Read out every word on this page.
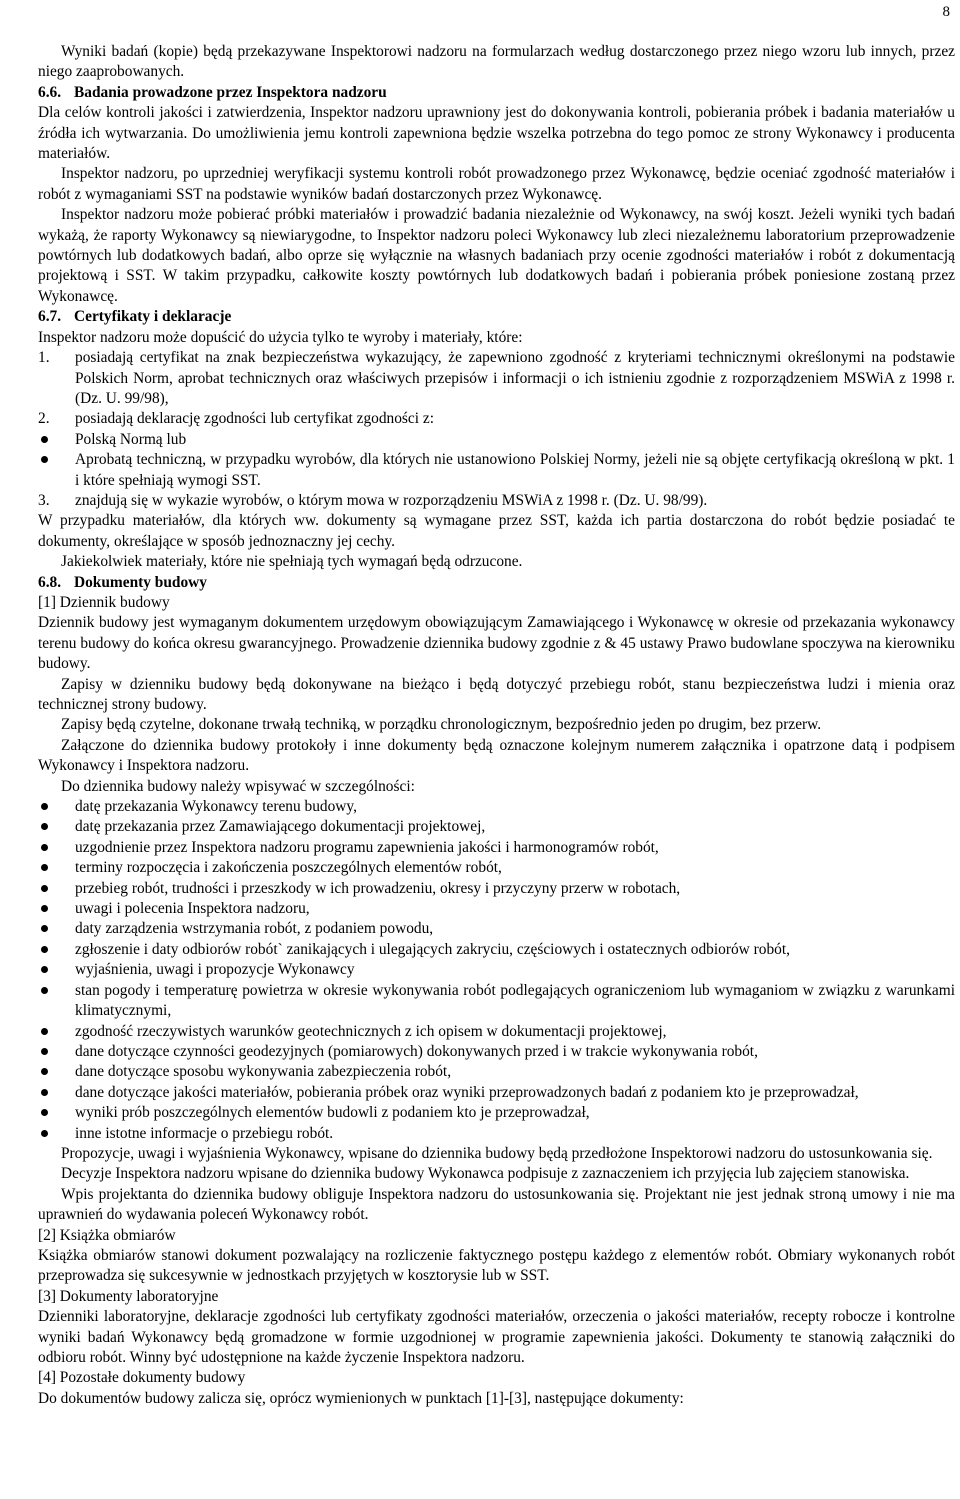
8

Wyniki badań (kopie) będą przekazywane Inspektorowi nadzoru na formularzach według dostarczonego przez niego wzoru lub innych, przez niego zaaprobowanych.

6.6. Badania prowadzone przez Inspektora nadzoru

Dla celów kontroli jakości i zatwierdzenia, Inspektor nadzoru uprawniony jest do dokonywania kontroli, pobierania próbek i badania materiałów u źródła ich wytwarzania. Do umożliwienia jemu kontroli zapewniona będzie wszelka potrzebna do tego pomoc ze strony Wykonawcy i producenta materiałów.

Inspektor nadzoru, po uprzedniej weryfikacji systemu kontroli robót prowadzonego przez Wykonawcę, będzie oceniać zgodność materiałów i robót z wymaganiami SST na podstawie wyników badań dostarczonych przez Wykonawcę.

Inspektor nadzoru może pobierać próbki materiałów i prowadzić badania niezależnie od Wykonawcy, na swój koszt. Jeżeli wyniki tych badań wykażą, że raporty Wykonawcy są niewiarygodne, to Inspektor nadzoru poleci Wykonawcy lub zleci niezależnemu laboratorium przeprowadzenie powtórnych lub dodatkowych badań, albo oprze się wyłącznie na własnych badaniach przy ocenie zgodności materiałów i robót z dokumentacją projektową i SST. W takim przypadku, całkowite koszty powtórnych lub dodatkowych badań i pobierania próbek poniesione zostaną przez Wykonawcę.

6.7. Certyfikaty i deklaracje

Inspektor nadzoru może dopuścić do użycia tylko te wyroby i materiały, które:

1. posiadają certyfikat na znak bezpieczeństwa wykazujący, że zapewniono zgodność z kryteriami technicznymi określonymi na podstawie Polskich Norm, aprobat technicznych oraz właściwych przepisów i informacji o ich istnieniu zgodnie z rozporządzeniem MSWiA z 1998 r. (Dz. U. 99/98),
2. posiadają deklarację zgodności lub certyfikat zgodności z:
Polską Normą lub
Aprobatą techniczną, w przypadku wyrobów, dla których nie ustanowiono Polskiej Normy, jeżeli nie są objęte certyfikacją określoną w pkt. 1 i które spełniają wymogi SST.
3. znajdują się w wykazie wyrobów, o którym mowa w rozporządzeniu MSWiA z 1998 r. (Dz. U. 98/99).

W przypadku materiałów, dla których ww. dokumenty są wymagane przez SST, każda ich partia dostarczona do robót będzie posiadać te dokumenty, określające w sposób jednoznaczny jej cechy.

Jakiekolwiek materiały, które nie spełniają tych wymagań będą odrzucone.

6.8. Dokumenty budowy

[1] Dziennik budowy

Dziennik budowy jest wymaganym dokumentem urzędowym obowiązującym Zamawiającego i Wykonawcę w okresie od przekazania wykonawcy terenu budowy do końca okresu gwarancyjnego. Prowadzenie dziennika budowy zgodnie z & 45 ustawy Prawo budowlane spoczywa na kierowniku budowy.

Zapisy w dzienniku budowy będą dokonywane na bieżąco i będą dotyczyć przebiegu robót, stanu bezpieczeństwa ludzi i mienia oraz technicznej strony budowy.

Zapisy będą czytelne, dokonane trwałą techniką, w porządku chronologicznym, bezpośrednio jeden po drugim, bez przerw.

Załączone do dziennika budowy protokoły i inne dokumenty będą oznaczone kolejnym numerem załącznika i opatrzone datą i podpisem Wykonawcy i Inspektora nadzoru.

Do dziennika budowy należy wpisywać w szczególności:

datę przekazania Wykonawcy terenu budowy,
datę przekazania przez Zamawiającego dokumentacji projektowej,
uzgodnienie przez Inspektora nadzoru programu zapewnienia jakości i harmonogramów robót,
terminy rozpoczęcia i zakończenia poszczególnych elementów robót,
przebieg robót, trudności i przeszkody w ich prowadzeniu, okresy i przyczyny przerw w robotach,
uwagi i polecenia Inspektora nadzoru,
daty zarządzenia wstrzymania robót, z podaniem powodu,
zgłoszenie i daty odbiorów robót` zanikających i ulegających zakryciu, częściowych i ostatecznych odbiorów robót,
wyjaśnienia, uwagi i propozycje Wykonawcy
stan pogody i temperaturę powietrza w okresie wykonywania robót podlegających ograniczeniom lub wymaganiom w związku z warunkami klimatycznymi,
zgodność rzeczywistych warunków geotechnicznych z ich opisem w dokumentacji projektowej,
dane dotyczące czynności geodezyjnych (pomiarowych) dokonywanych przed i w trakcie wykonywania robót,
dane dotyczące sposobu wykonywania zabezpieczenia robót,
dane dotyczące jakości materiałów, pobierania próbek oraz wyniki przeprowadzonych badań z podaniem kto je przeprowadzał,
wyniki prób poszczególnych elementów budowli z podaniem kto je przeprowadzał,
inne istotne informacje o przebiegu robót.

Propozycje, uwagi i wyjaśnienia Wykonawcy, wpisane do dziennika budowy będą przedłożone Inspektorowi nadzoru do ustosunkowania się.

Decyzje Inspektora nadzoru wpisane do dziennika budowy Wykonawca podpisuje z zaznaczeniem ich przyjęcia lub zajęciem stanowiska.

Wpis projektanta do dziennika budowy obliguje Inspektora nadzoru do ustosunkowania się. Projektant nie jest jednak stroną umowy i nie ma uprawnień do wydawania poleceń Wykonawcy robót.

[2] Książka obmiarów

Książka obmiarów stanowi dokument pozwalający na rozliczenie faktycznego postępu każdego z elementów robót. Obmiary wykonanych robót przeprowadza się sukcesywnie w jednostkach przyjętych w kosztorysie lub w SST.

[3] Dokumenty laboratoryjne

Dzienniki laboratoryjne, deklaracje zgodności lub certyfikaty zgodności materiałów, orzeczenia o jakości materiałów, recepty robocze i kontrolne wyniki badań Wykonawcy będą gromadzone w formie uzgodnionej w programie zapewnienia jakości. Dokumenty te stanowią załączniki do odbioru robót. Winny być udostępnione na każde życzenie Inspektora nadzoru.

[4] Pozostałe dokumenty budowy

Do dokumentów budowy zalicza się, oprócz wymienionych w punktach [1]-[3], następujące dokumenty:
